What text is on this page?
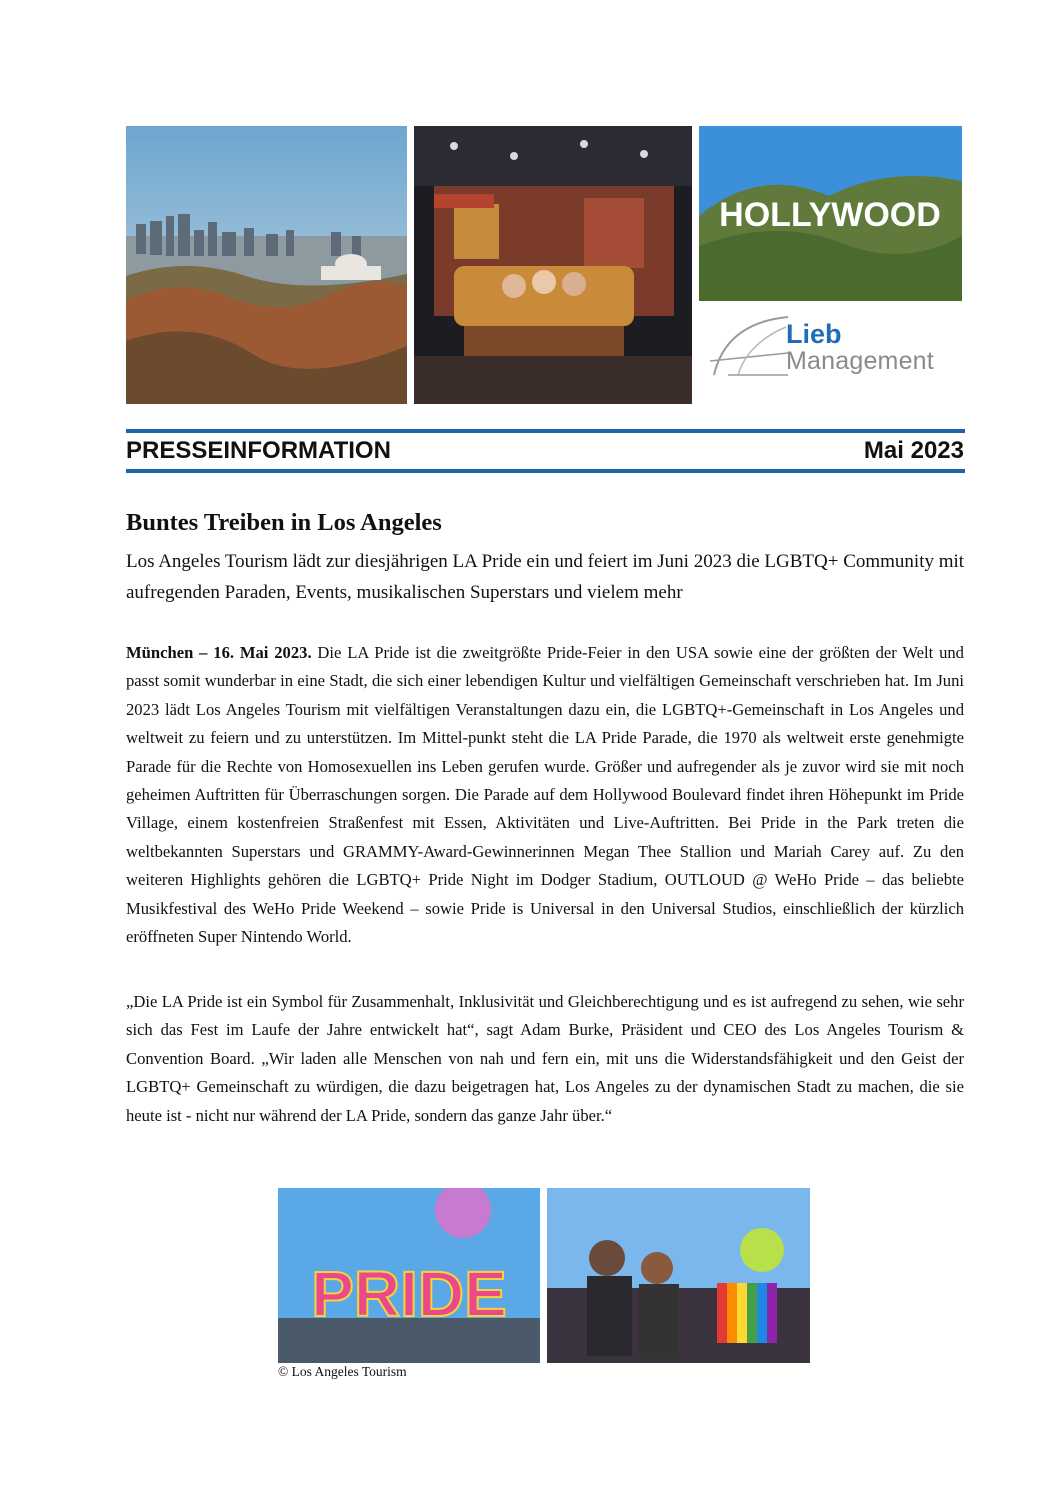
HOLLYWOOD
Lieb
Management
PRESSEINFORMATION	Mai 2023
Buntes Treiben in Los Angeles
Los Angeles Tourism lädt zur diesjährigen LA Pride ein und feiert im Juni 2023 die LGBTQ+ Community mit aufregenden Paraden, Events, musikalischen Superstars und vielem mehr
München – 16. Mai 2023. Die LA Pride ist die zweitgrößte Pride-Feier in den USA sowie eine der größten der Welt und passt somit wunderbar in eine Stadt, die sich einer lebendigen Kultur und vielfältigen Gemeinschaft verschrieben hat. Im Juni 2023 lädt Los Angeles Tourism mit vielfältigen Veranstaltungen dazu ein, die LGBTQ+-Gemeinschaft in Los Angeles und weltweit zu feiern und zu unterstützen. Im Mittel-punkt steht die LA Pride Parade, die 1970 als weltweit erste genehmigte Parade für die Rechte von Homosexuellen ins Leben gerufen wurde. Größer und aufregender als je zuvor wird sie mit noch geheimen Auftritten für Überraschungen sorgen. Die Parade auf dem Hollywood Boulevard findet ihren Höhepunkt im Pride Village, einem kostenfreien Straßenfest mit Essen, Aktivitäten und Live-Auftritten. Bei Pride in the Park treten die weltbekannten Superstars und GRAMMY-Award-Gewinnerinnen Megan Thee Stallion und Mariah Carey auf. Zu den weiteren Highlights gehören die LGBTQ+ Pride Night im Dodger Stadium, OUTLOUD @ WeHo Pride – das beliebte Musikfestival des WeHo Pride Weekend – sowie Pride is Universal in den Universal Studios, einschließlich der kürzlich eröffneten Super Nintendo World.
„Die LA Pride ist ein Symbol für Zusammenhalt, Inklusivität und Gleichberechtigung und es ist aufregend zu sehen, wie sehr sich das Fest im Laufe der Jahre entwickelt hat“, sagt Adam Burke, Präsident und CEO des Los Angeles Tourism & Convention Board. „Wir laden alle Menschen von nah und fern ein, mit uns die Widerstandsfähigkeit und den Geist der LGBTQ+ Gemeinschaft zu würdigen, die dazu beigetragen hat, Los Angeles zu der dynamischen Stadt zu machen, die sie heute ist - nicht nur während der LA Pride, sondern das ganze Jahr über.“
PRIDE
© Los Angeles Tourism
